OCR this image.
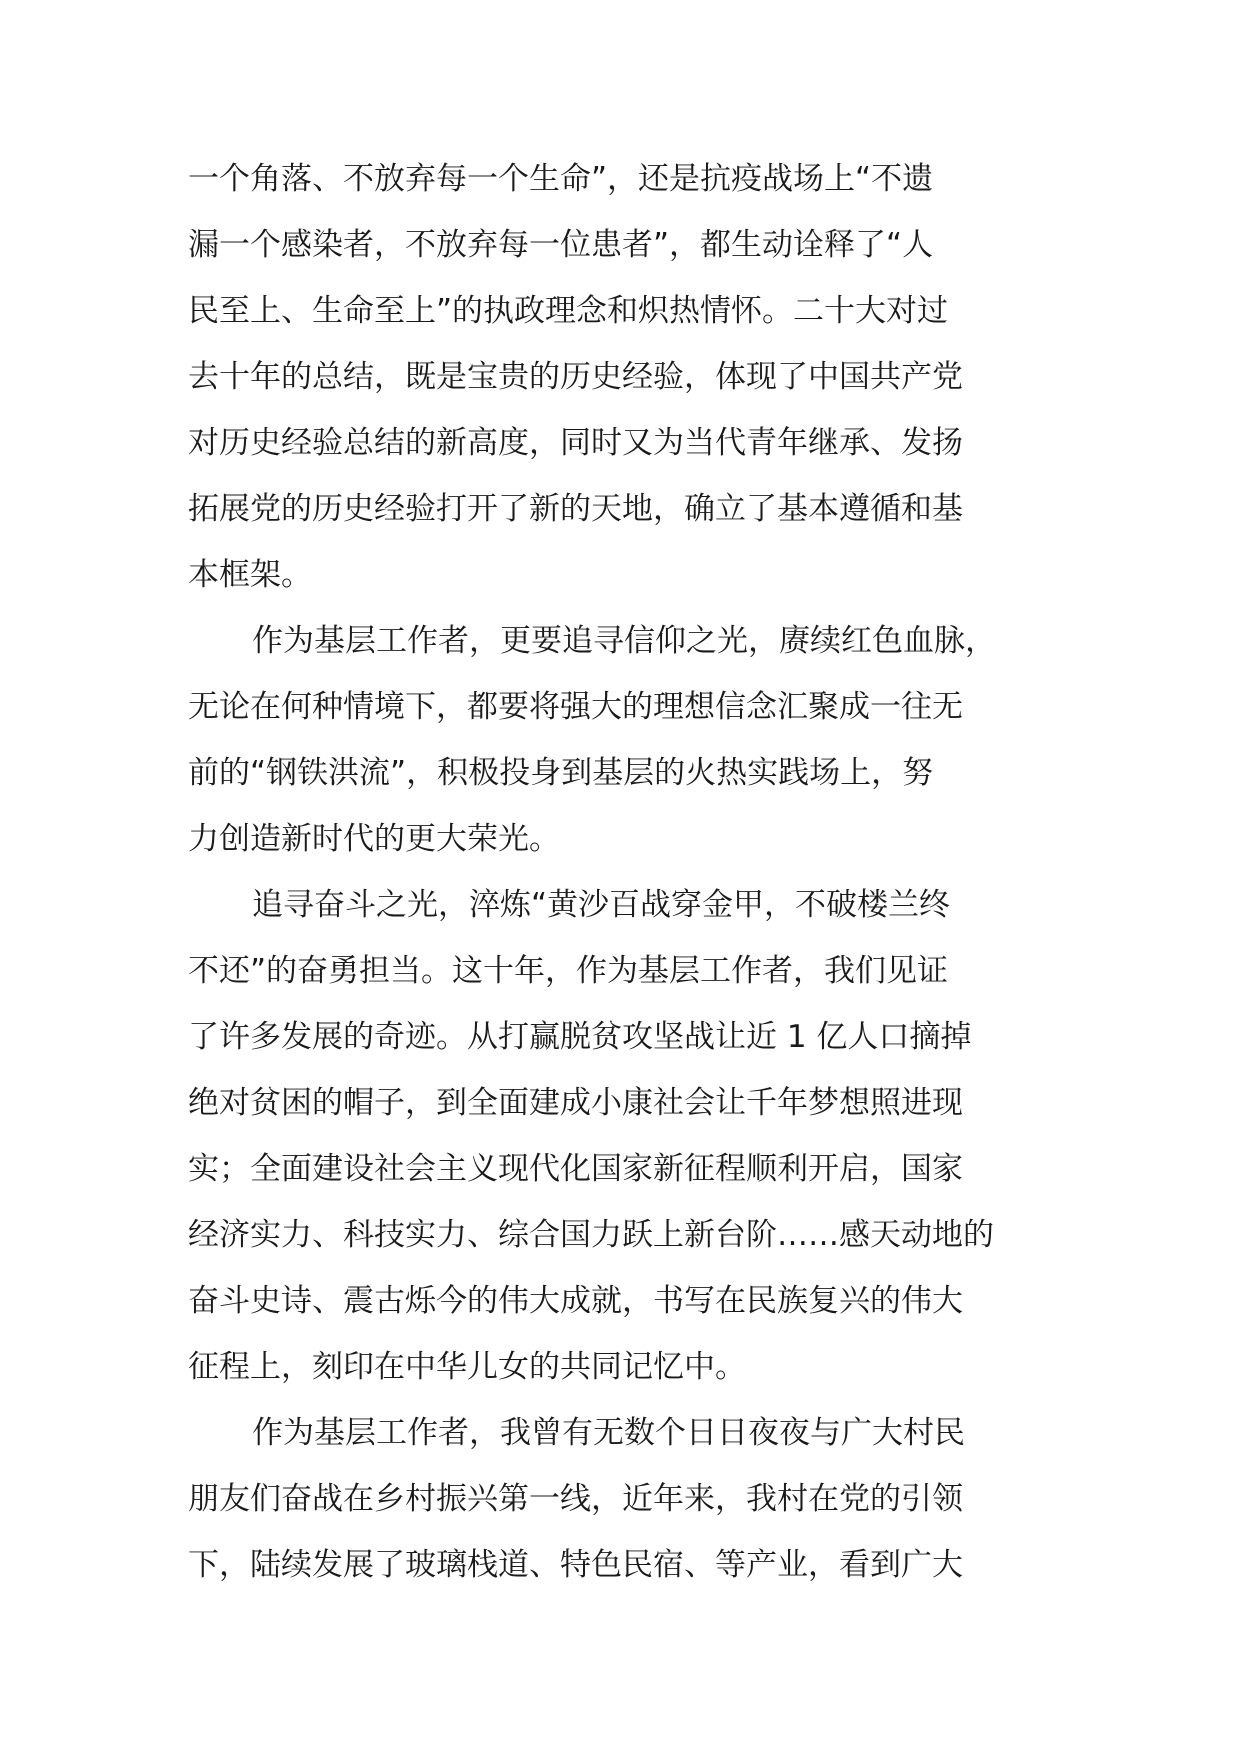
一个角落、不放弃每一个生命”，还是抗疫战场上“不遗
漏一个感染者，不放弃每一位患者”，都生动诠释了“人
民至上、生命至上”的执政理念和炽热情怀。二十大对过
去十年的总结，既是宝贵的历史经验，体现了中国共产党
对历史经验总结的新高度，同时又为当代青年继承、发扬
拓展党的历史经验打开了新的天地，确立了基本遵循和基
本框架。
作为基层工作者，更要追寻信仰之光，赓续红色血脉，
无论在何种情境下，都要将强大的理想信念汇聚成一往无
前的“钢铁洪流”，积极投身到基层的火热实践场上，努
力创造新时代的更大荣光。
追寻奋斗之光，淬炼“黄沙百战穿金甲，不破楼兰终
不还”的奋勇担当。这十年，作为基层工作者，我们见证
了许多发展的奇迹。从打赢脱贫攻坚战让近 1 亿人口摘掉
绝对贫困的帽子，到全面建成小康社会让千年梦想照进现
实；全面建设社会主义现代化国家新征程顺利开启，国家
经济实力、科技实力、综合国力跃上新台阶……感天动地的
奋斗史诗、震古烁今的伟大成就，书写在民族复兴的伟大
征程上，刻印在中华儿女的共同记忆中。
作为基层工作者，我曾有无数个日日夜夜与广大村民
朋友们奋战在乡村振兴第一线，近年来，我村在党的引领
下，陆续发展了玻璃栈道、特色民宿、等产业，看到广大
